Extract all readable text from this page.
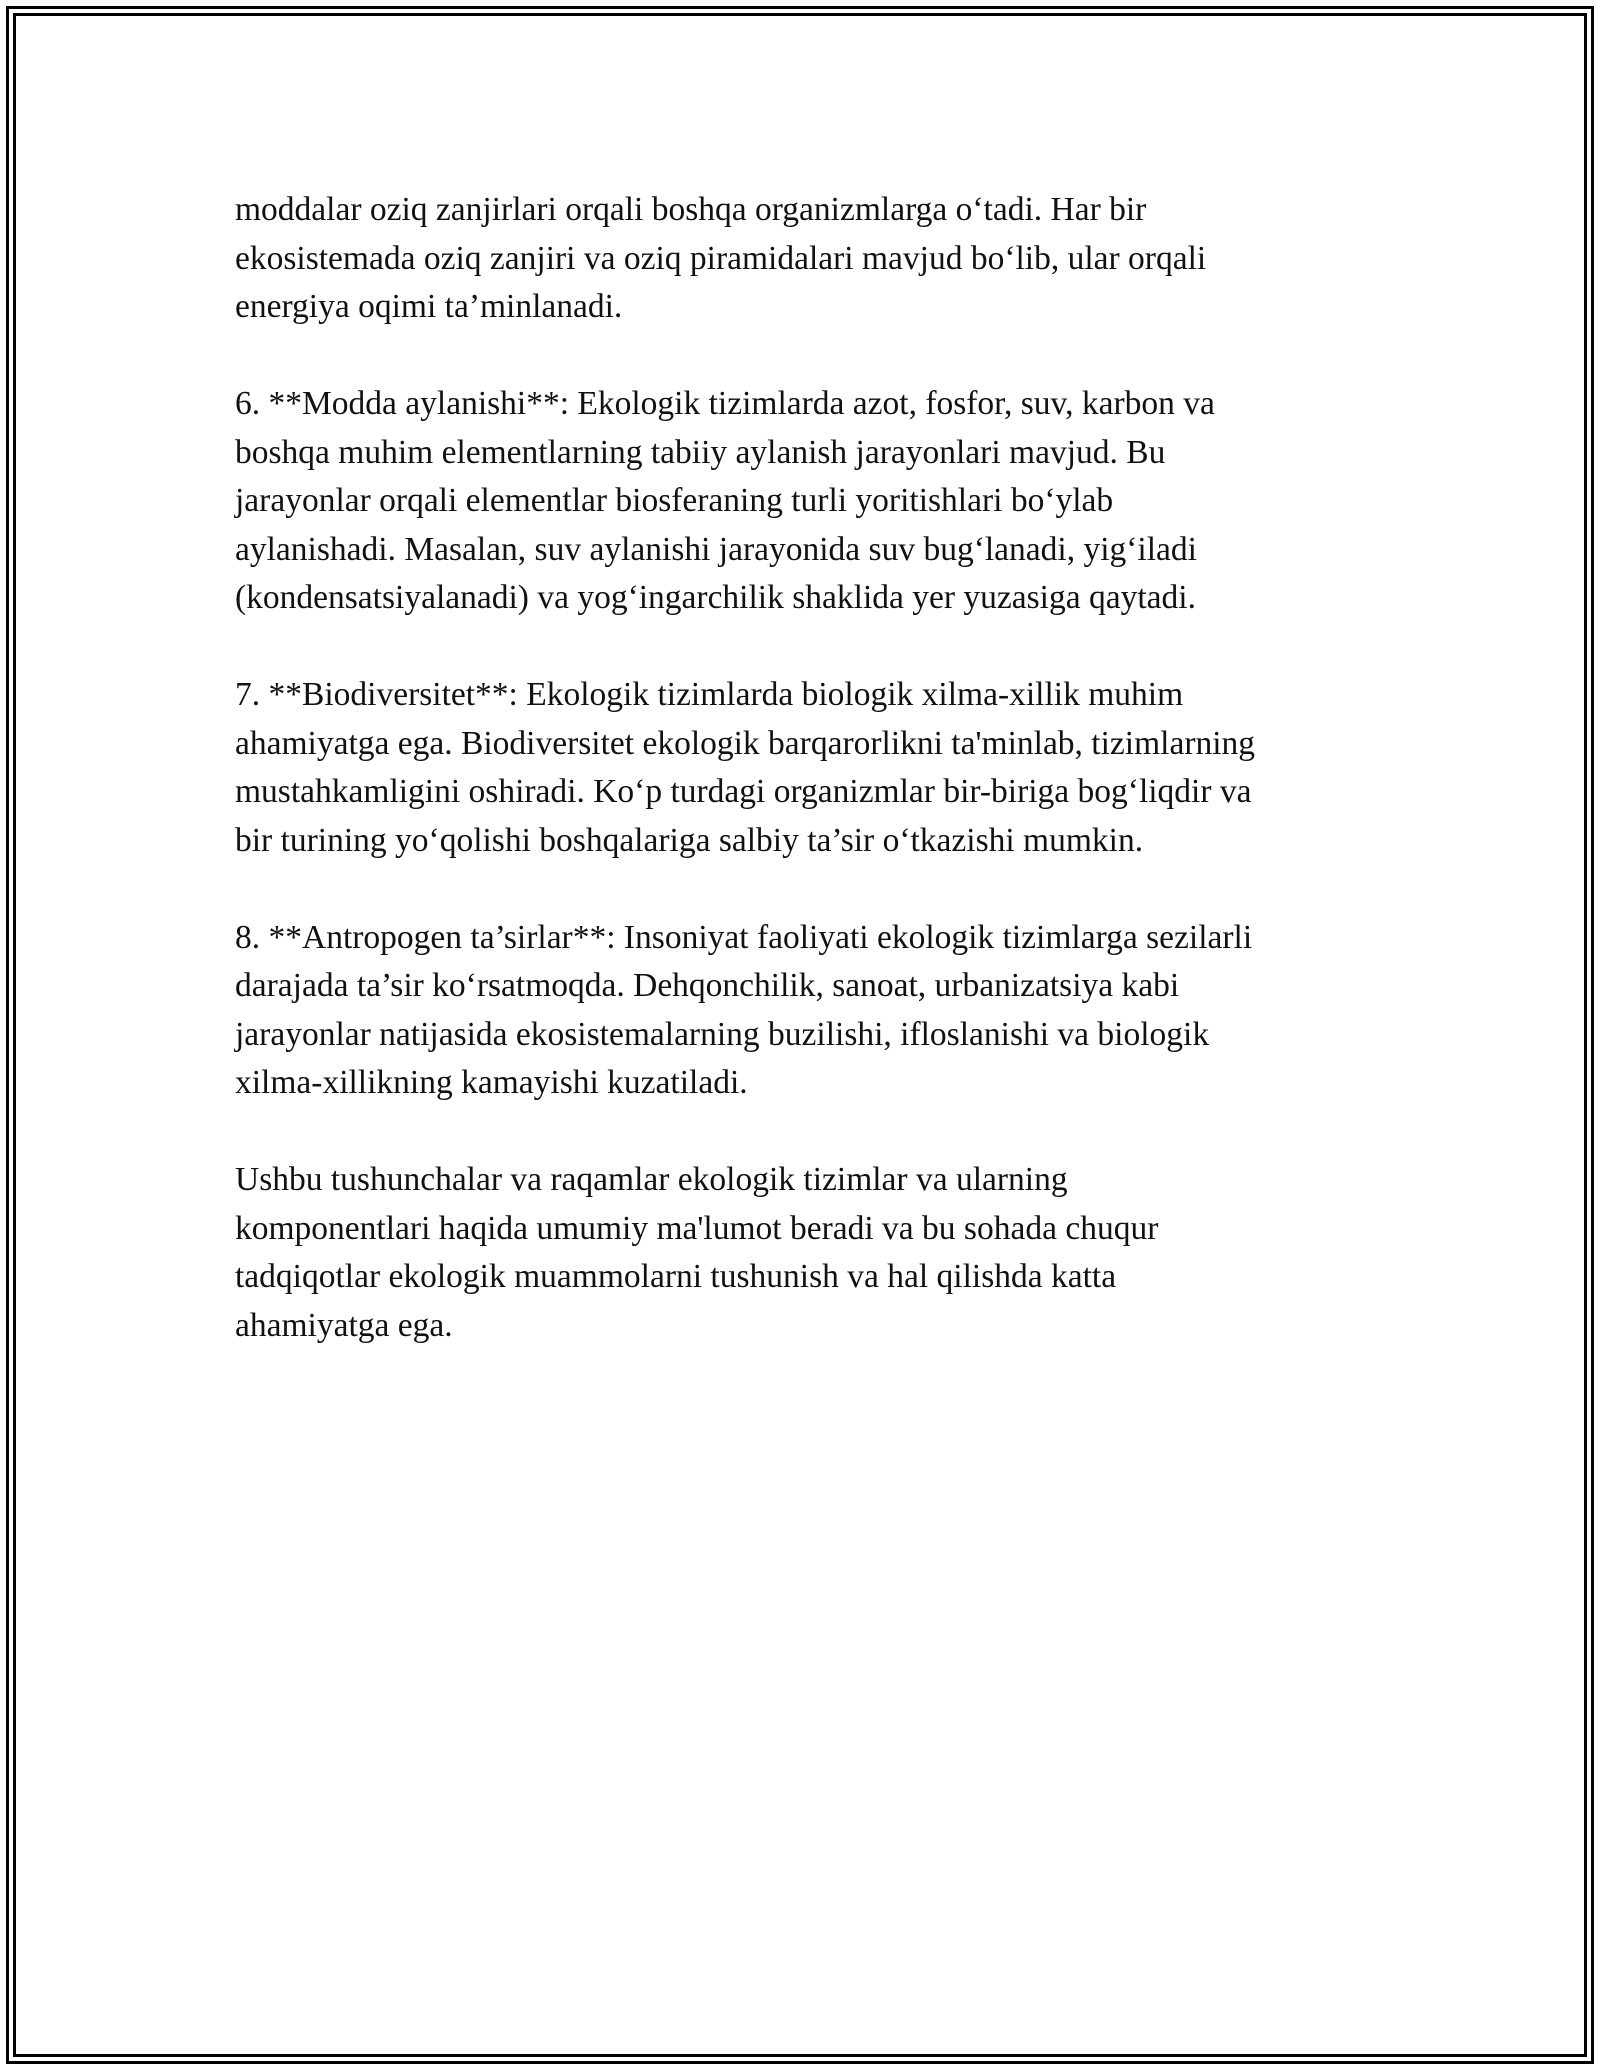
moddalar oziq zanjirlari orqali boshqa organizmlarga o‘tadi. Har bir
ekosistemada oziq zanjiri va oziq piramidalari mavjud bo‘lib, ular orqali
energiya oqimi ta’minlanadi.

6. **Modda aylanishi**: Ekologik tizimlarda azot, fosfor, suv, karbon va
boshqa muhim elementlarning tabiiy aylanish jarayonlari mavjud. Bu
jarayonlar orqali elementlar biosferaning turli yoritishlari bo‘ylab
aylanishadi. Masalan, suv aylanishi jarayonida suv bug‘lanadi, yig‘iladi
(kondensatsiyalanadi) va yog‘ingarchilik shaklida yer yuzasiga qaytadi.

7. **Biodiversitet**: Ekologik tizimlarda biologik xilma-xillik muhim
ahamiyatga ega. Biodiversitet ekologik barqarorlikni ta'minlab, tizimlarning
mustahkamligini oshiradi. Ko‘p turdagi organizmlar bir-biriga bog‘liqdir va
bir turining yo‘qolishi boshqalariga salbiy ta’sir o‘tkazishi mumkin.

8. **Antropogen ta’sirlar**: Insoniyat faoliyati ekologik tizimlarga sezilarli
darajada ta’sir ko‘rsatmoqda. Dehqonchilik, sanoat, urbanizatsiya kabi
jarayonlar natijasida ekosistemalarning buzilishi, ifloslanishi va biologik
xilma-xillikning kamayishi kuzatiladi.

Ushbu tushunchalar va raqamlar ekologik tizimlar va ularning
komponentlari haqida umumiy ma'lumot beradi va bu sohada chuqur
tadqiqotlar ekologik muammolarni tushunish va hal qilishda katta
ahamiyatga ega.
